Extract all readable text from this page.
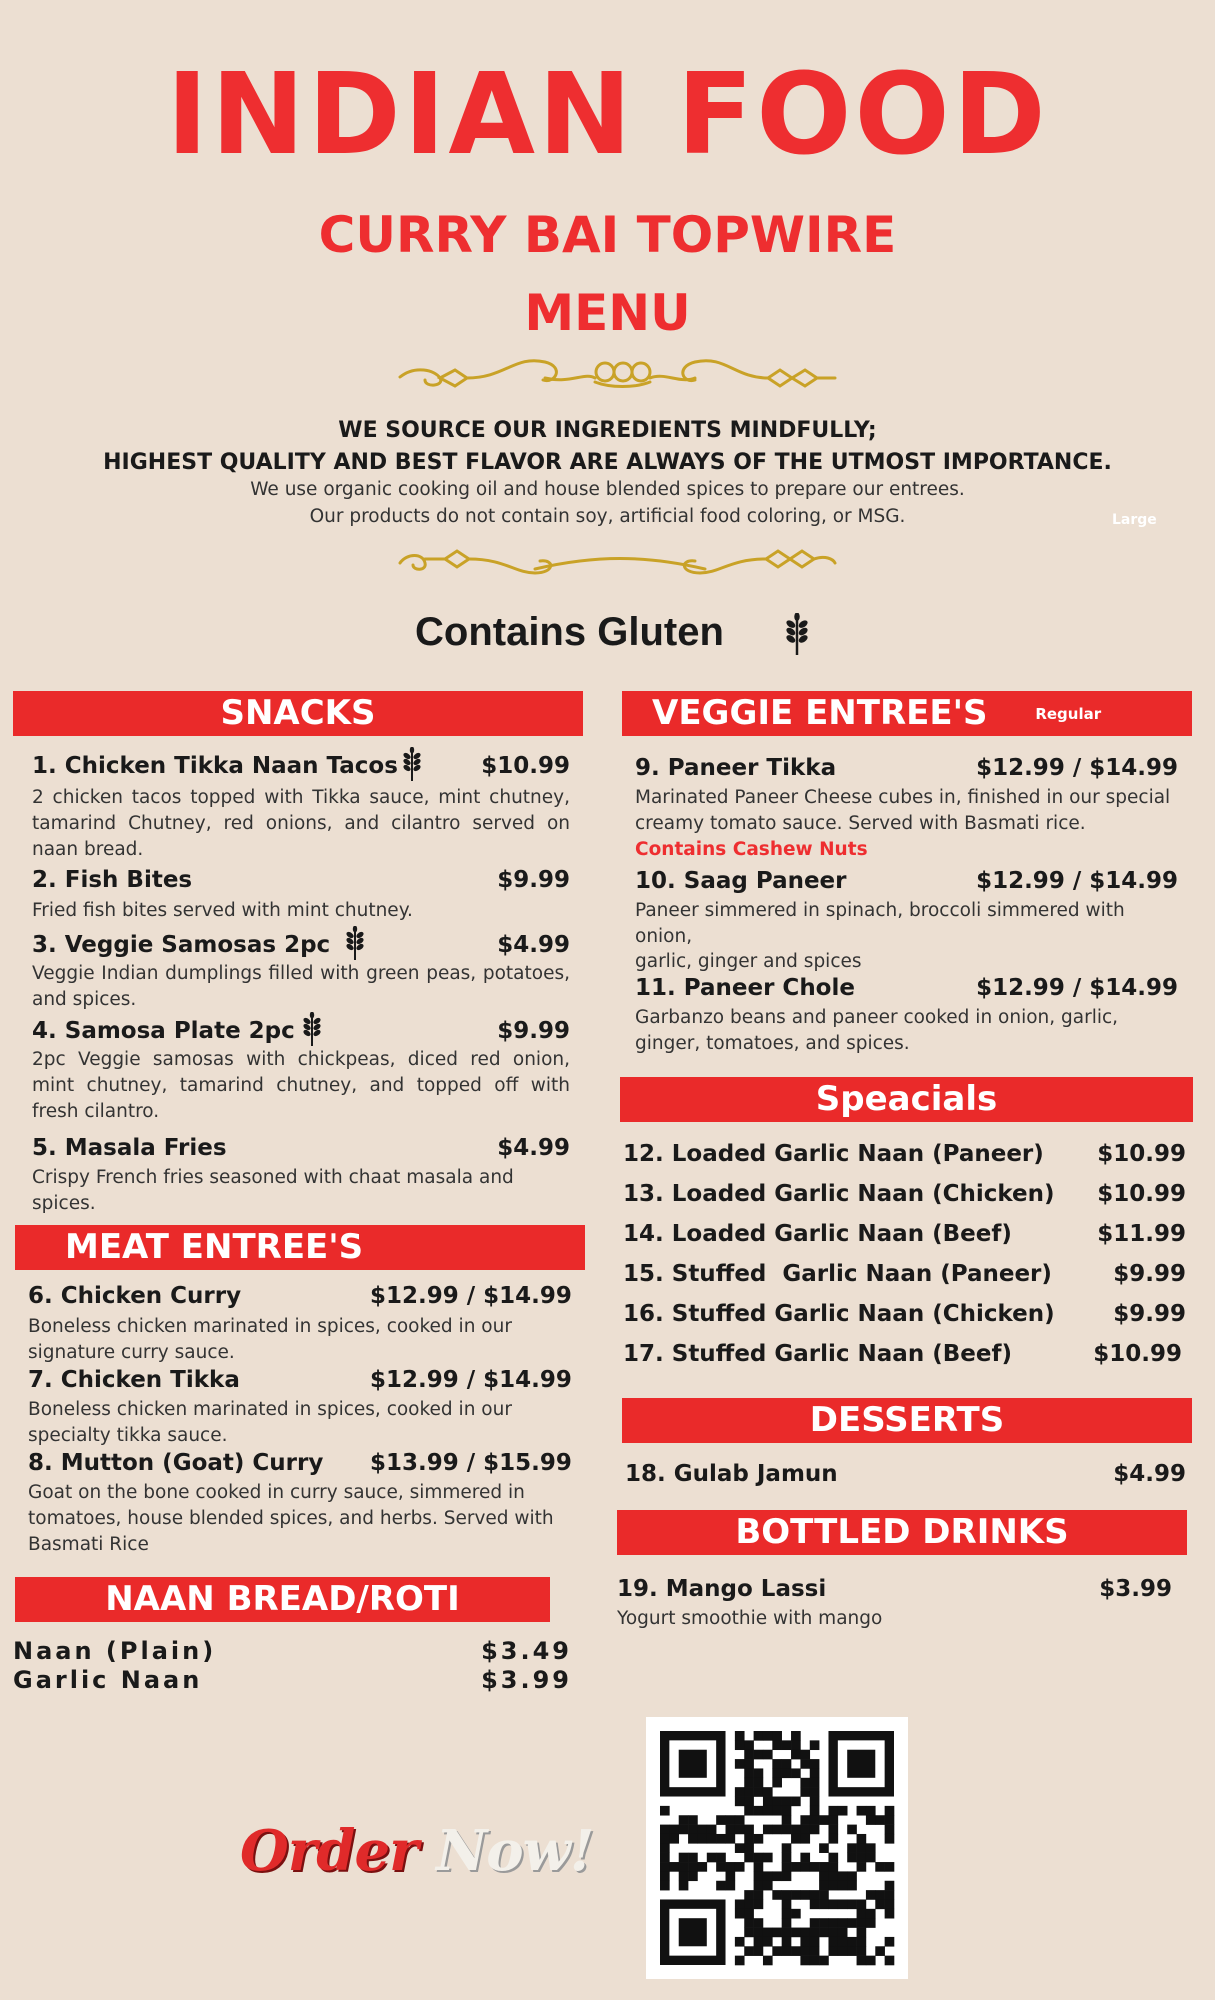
INDIAN FOOD
CURRY BAI TOPWIRE
MENU
WE SOURCE OUR INGREDIENTS MINDFULLY;
HIGHEST QUALITY AND BEST FLAVOR ARE ALWAYS OF THE UTMOST IMPORTANCE.
We use organic cooking oil and house blended spices to prepare our entrees.
Our products do not contain soy, artificial food coloring, or MSG.	Large
Contains Gluten
SNACKS
1. Chicken Tikka Naan Tacos	$10.99
2 chicken tacos topped with Tikka sauce, mint chutney, tamarind Chutney, red onions, and cilantro served on naan bread.
2. Fish Bites	$9.99
Fried fish bites served with mint chutney.
3. Veggie Samosas 2pc	$4.99
Veggie Indian dumplings filled with green peas, potatoes, and spices.
4. Samosa Plate 2pc	$9.99
2pc Veggie samosas with chickpeas, diced red onion, mint chutney, tamarind chutney, and topped off with fresh cilantro.
5. Masala Fries	$4.99
Crispy French fries seasoned with chaat masala and spices.
MEAT ENTREE'S
6. Chicken Curry	$12.99 / $14.99
Boneless chicken marinated in spices, cooked in our signature curry sauce.
7. Chicken Tikka	$12.99 / $14.99
Boneless chicken marinated in spices, cooked in our specialty tikka sauce.
8. Mutton (Goat) Curry $13.99 / $15.99
Goat on the bone cooked in curry sauce, simmered in tomatoes, house blended spices, and herbs. Served with Basmati Rice
NAAN BREAD/ROTI
Naan (Plain)	$3.49
Garlic Naan	$3.99
VEGGIE ENTREE'S	Regular
9. Paneer Tikka	$12.99 / $14.99
Marinated Paneer Cheese cubes in, finished in our special creamy tomato sauce. Served with Basmati rice. Contains Cashew Nuts
10. Saag Paneer	$12.99 / $14.99
Paneer simmered in spinach, broccoli simmered with onion,
garlic, ginger and spices
11. Paneer Chole	$12.99 / $14.99
Garbanzo beans and paneer cooked in onion, garlic, ginger, tomatoes, and spices.
Speacials
12. Loaded Garlic Naan (Paneer)	$10.99
13. Loaded Garlic Naan (Chicken)	$10.99
14. Loaded Garlic Naan (Beef)	$11.99
15. Stuffed  Garlic Naan (Paneer)	$9.99
16. Stuffed Garlic Naan (Chicken)	$9.99
17. Stuffed Garlic Naan (Beef)	$10.99
DESSERTS
18. Gulab Jamun	$4.99
BOTTLED DRINKS
19. Mango Lassi	$3.99
Yogurt smoothie with mango
Order Now!
